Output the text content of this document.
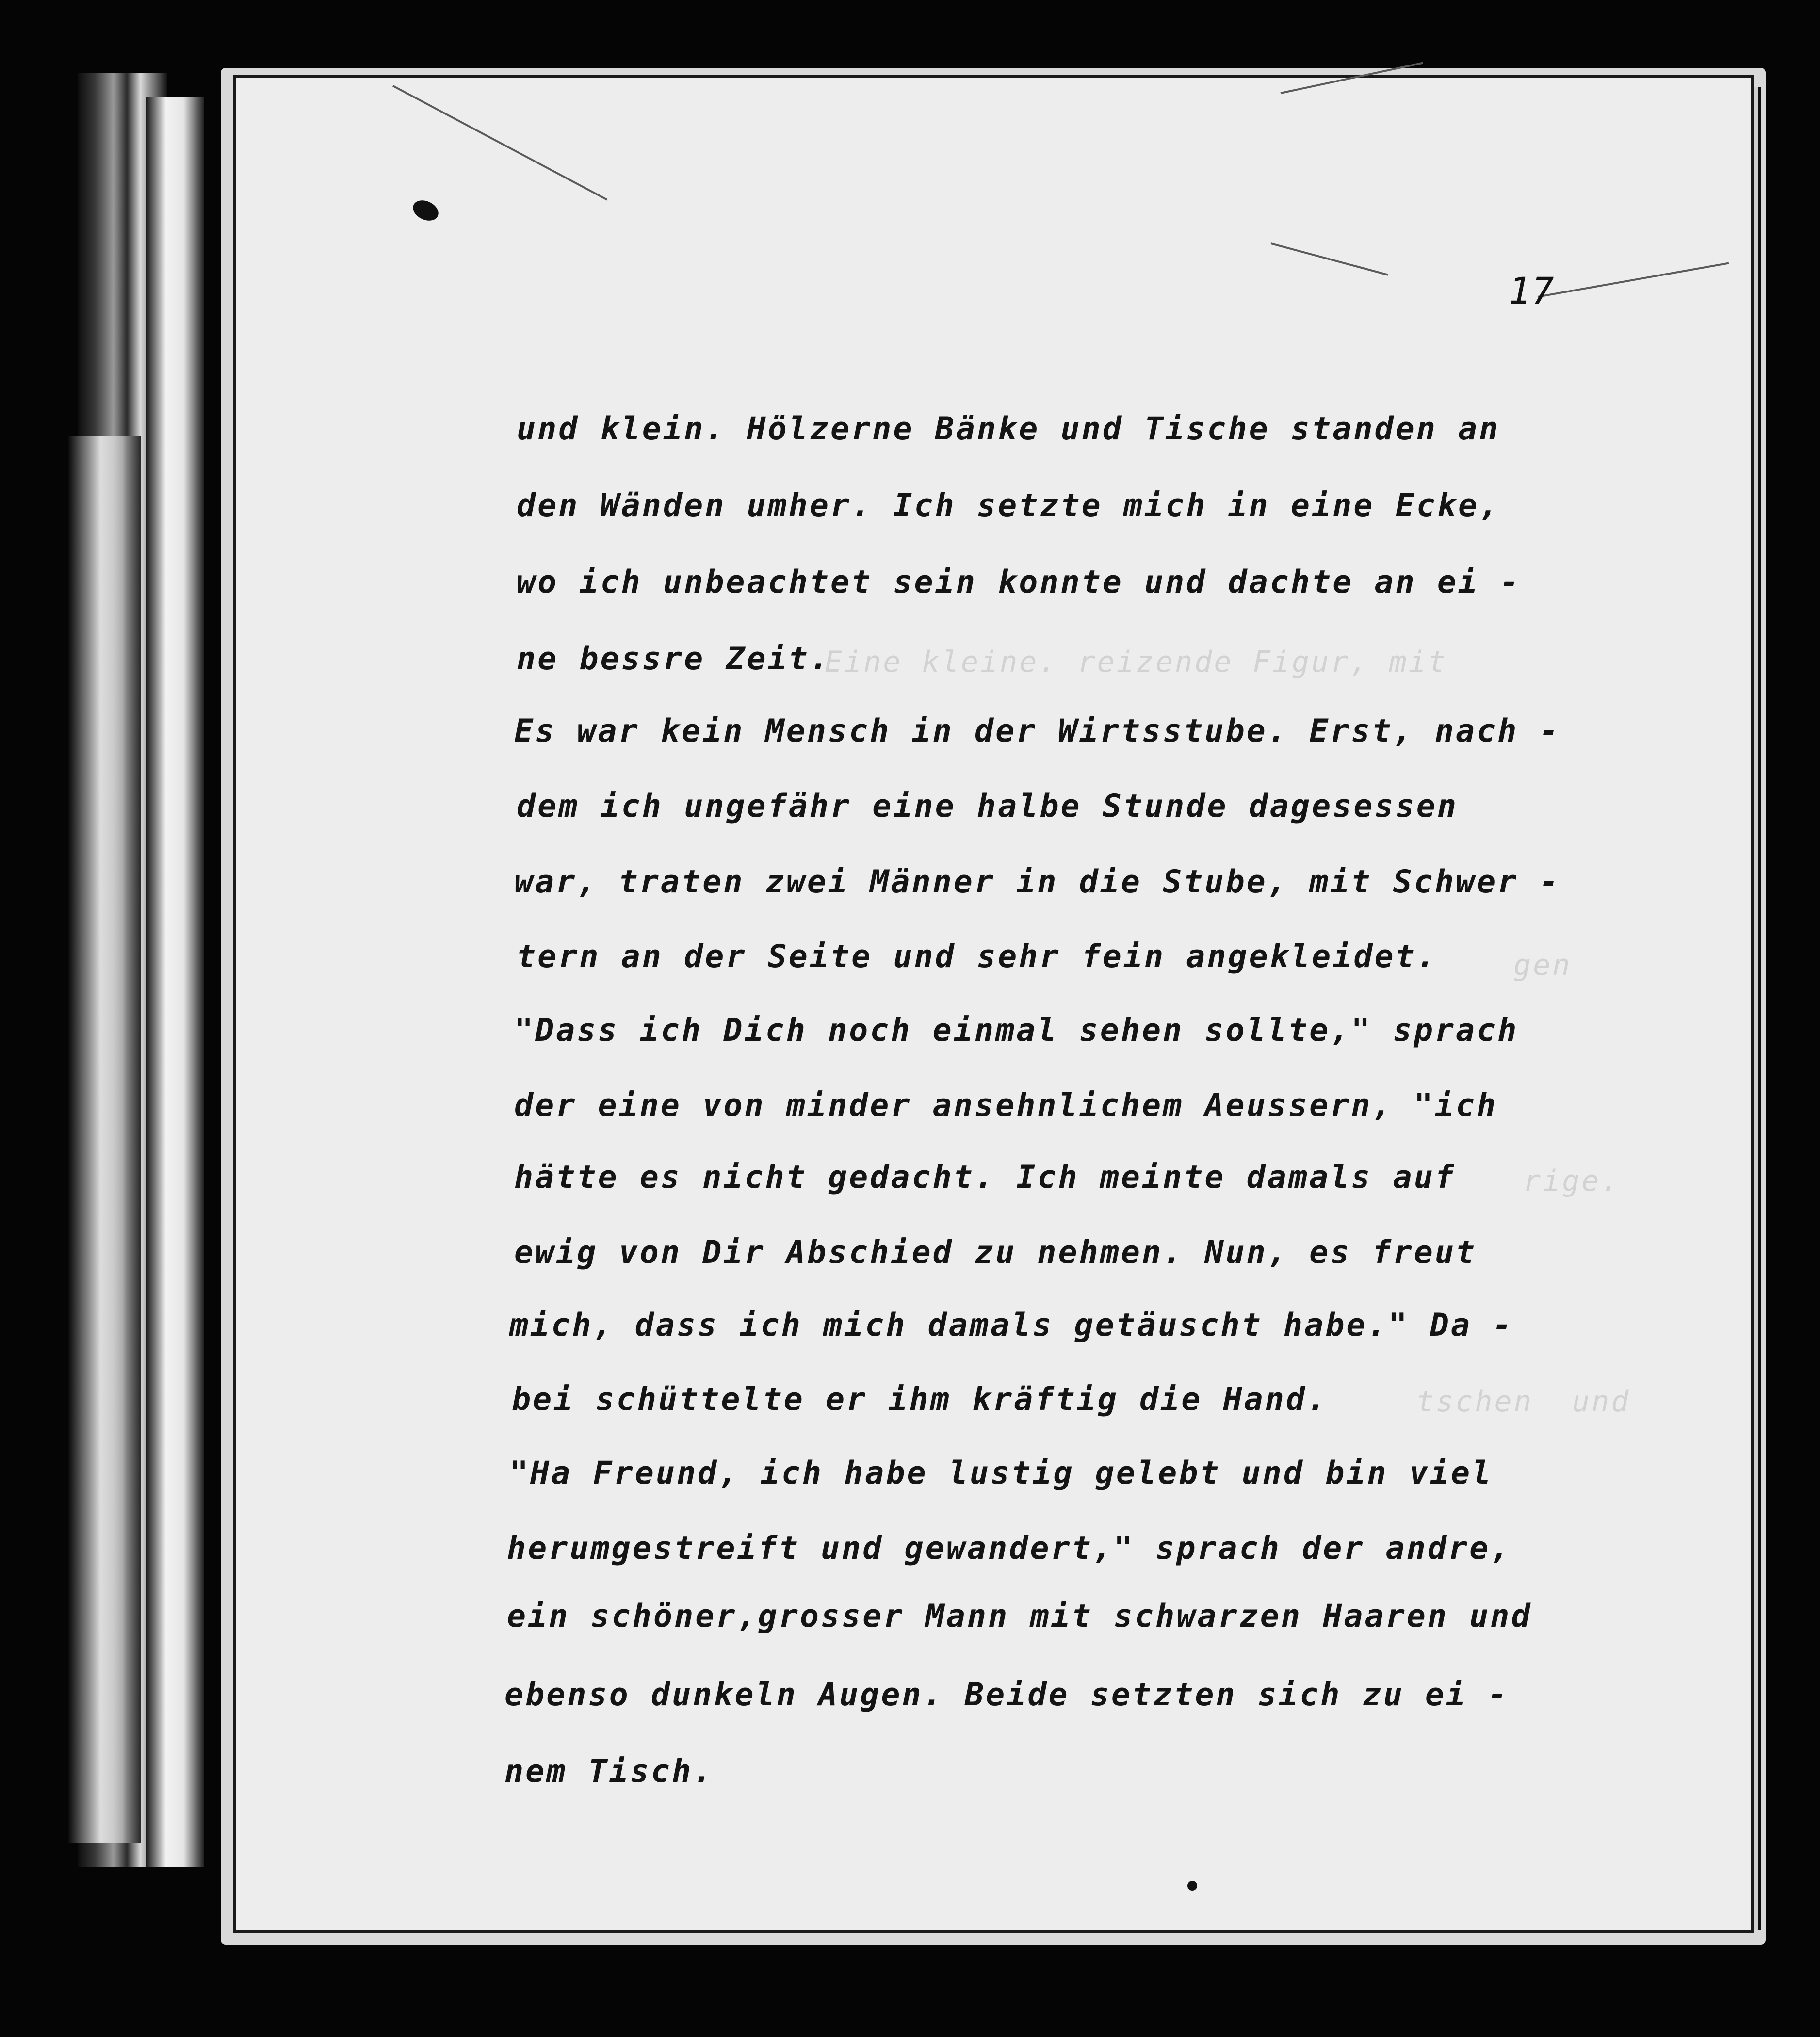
Eine kleine. reizende Figur, mit
gen
rige.
tschen  und
17
und klein. Hölzerne Bänke und Tische standen an
den Wänden umher. Ich setzte mich in eine Ecke,
wo ich unbeachtet sein konnte und dachte an ei -
ne bessre Zeit.
Es war kein Mensch in der Wirtsstube. Erst, nach -
dem ich ungefähr eine halbe Stunde dagesessen
war, traten zwei Männer in die Stube, mit Schwer -
tern an der Seite und sehr fein angekleidet.
"Dass ich Dich noch einmal sehen sollte," sprach
der eine von minder ansehnlichem Aeussern, "ich
hätte es nicht gedacht. Ich meinte damals auf
ewig von Dir Abschied zu nehmen. Nun, es freut
mich, dass ich mich damals getäuscht habe." Da -
bei schüttelte er ihm kräftig die Hand.
"Ha Freund, ich habe lustig gelebt und bin viel
herumgestreift und gewandert," sprach der andre,
ein schöner,grosser Mann mit schwarzen Haaren und
ebenso dunkeln Augen. Beide setzten sich zu ei -
nem Tisch.
